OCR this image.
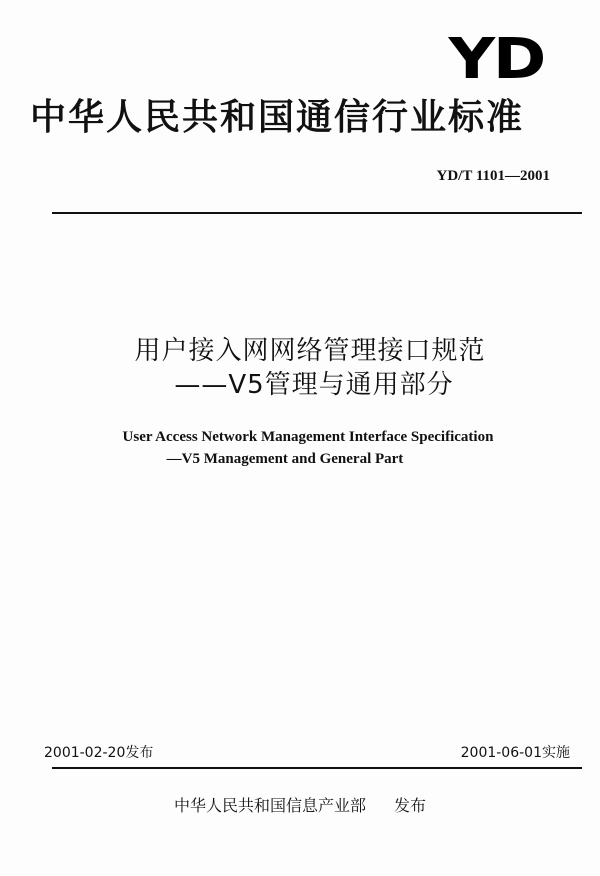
YD
中华人民共和国通信行业标准
YD/T 1101—2001
用户接入网网络管理接口规范
——V5管理与通用部分
User Access Network Management Interface Specification
—V5 Management and General Part
2001-02-20发布	2001-06-01实施
中华人民共和国信息产业部 发布
